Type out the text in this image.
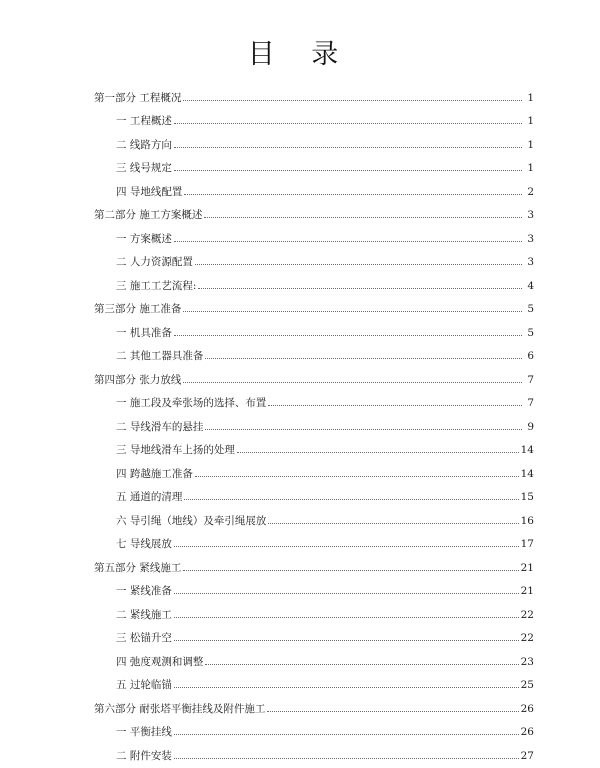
目 录
第一部分 工程概况	1
一 工程概述	1
二 线路方向	1
三 线号规定	1
四 导地线配置	2
第二部分 施工方案概述	3
一 方案概述	3
二 人力资源配置	3
三 施工工艺流程:	4
第三部分 施工准备	5
一 机具准备	5
二 其他工器具准备	6
第四部分 张力放线	7
一 施工段及牵张场的选择、布置	7
二 导线滑车的悬挂	9
三 导地线滑车上扬的处理	14
四 跨越施工准备	14
五 通道的清理	15
六 导引绳（地线）及牵引绳展放	16
七 导线展放	17
第五部分 紧线施工	21
一 紧线准备	21
二 紧线施工	22
三 松锚升空	22
四 弛度观测和调整	23
五 过轮临锚	25
第六部分 耐张塔平衡挂线及附件施工	26
一 平衡挂线	26
二 附件安装	27
